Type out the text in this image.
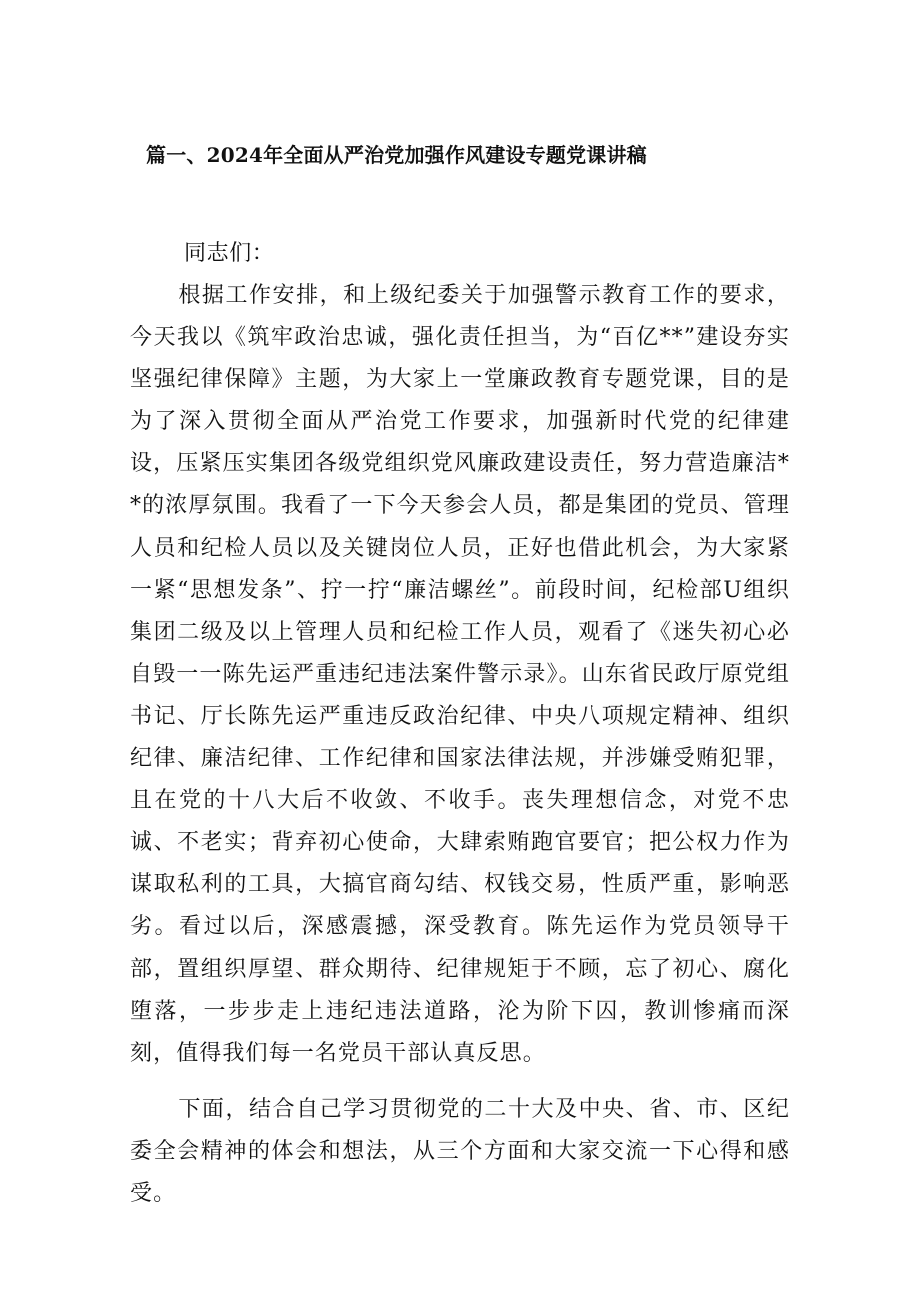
篇一、2024年全面从严治党加强作风建设专题党课讲稿

同志们：

根据工作安排，和上级纪委关于加强警示教育工作的要求，今天我以《筑牢政治忠诚，强化责任担当，为“百亿**”建设夯实坚强纪律保障》主题，为大家上一堂廉政教育专题党课，目的是为了深入贯彻全面从严治党工作要求，加强新时代党的纪律建设，压紧压实集团各级党组织党风廉政建设责任，努力营造廉洁**的浓厚氛围。我看了一下今天参会人员，都是集团的党员、管理人员和纪检人员以及关键岗位人员，正好也借此机会，为大家紧一紧“思想发条”、拧一拧“廉洁螺丝”。前段时间，纪检部U组织集团二级及以上管理人员和纪检工作人员，观看了《迷失初心必自毁一一陈先运严重违纪违法案件警示录》。山东省民政厅原党组书记、厅长陈先运严重违反政治纪律、中央八项规定精神、组织纪律、廉洁纪律、工作纪律和国家法律法规，并涉嫌受贿犯罪，且在党的十八大后不收敛、不收手。丧失理想信念，对党不忠诚、不老实；背弃初心使命，大肆索贿跑官要官；把公权力作为谋取私利的工具，大搞官商勾结、权钱交易，性质严重，影响恶劣。看过以后，深感震撼，深受教育。陈先运作为党员领导干部，置组织厚望、群众期待、纪律规矩于不顾，忘了初心、腐化堕落，一步步走上违纪违法道路，沦为阶下囚，教训惨痛而深刻，值得我们每一名党员干部认真反思。

下面，结合自己学习贯彻党的二十大及中央、省、市、区纪委全会精神的体会和想法，从三个方面和大家交流一下心得和感受。
